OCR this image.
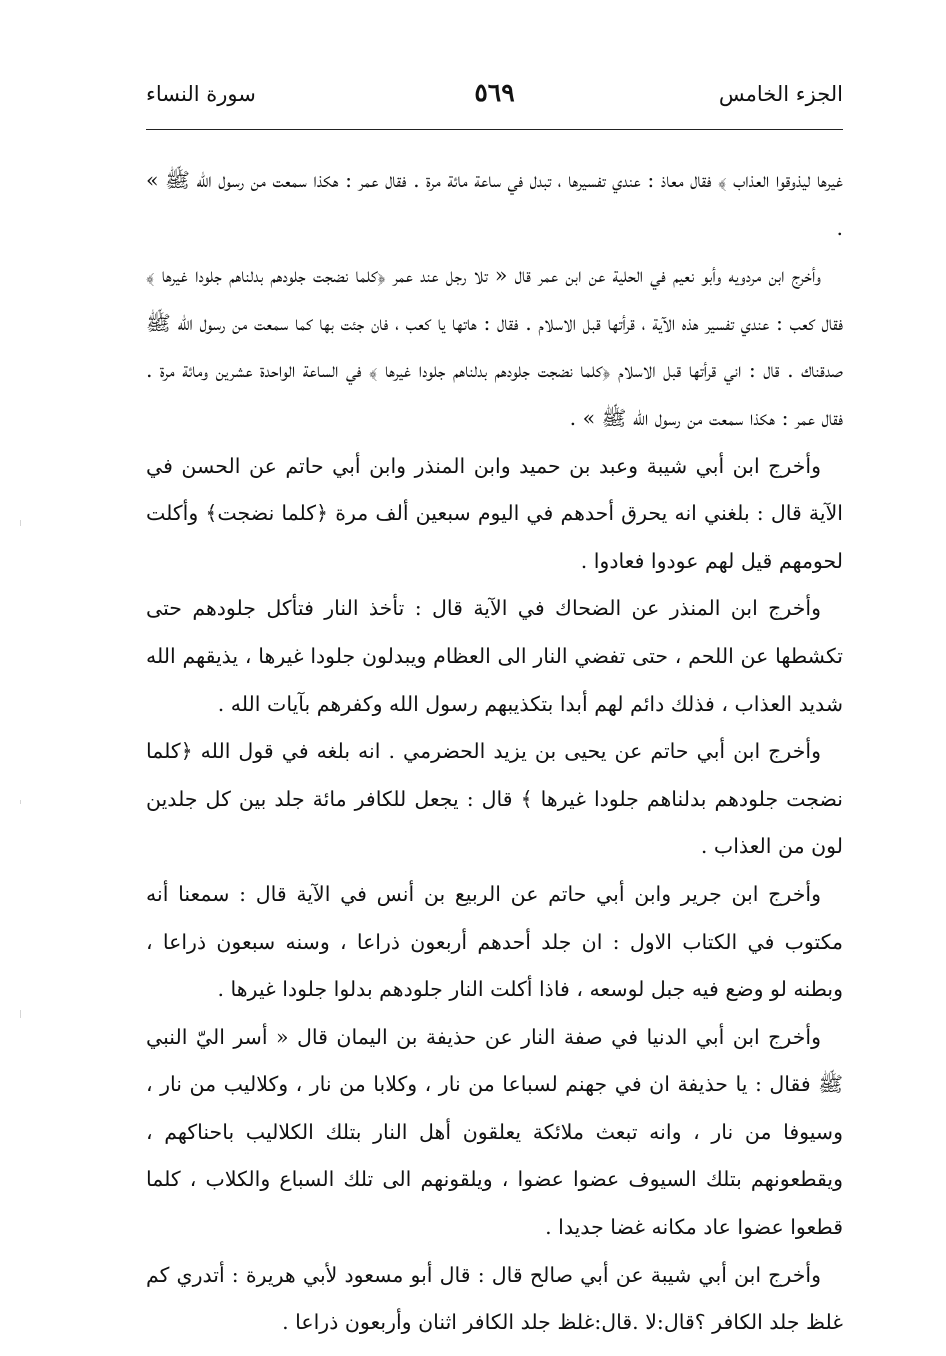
الجزء الخامس
٥٦٩
سورة النساء

غيرها ليذوقوا العذاب ﴾ فقال معاذ : عندي تفسيرها ، تبدل في ساعة مائة مرة . فقال عمر : هكذا سمعت من رسول الله ﷺ » .

وأخرج ابن مردويه وأبو نعيم في الحلية عن ابن عمر قال « تلا رجل عند عمر ﴿كلما نضجت جلودهم بدلناهم جلودا غيرها ﴾ فقال كعب : عندي تفسير هذه الآية ، قرأتها قبل الاسلام . فقال : هاتها يا كعب ، فان جئت بها كما سمعت من رسول الله ﷺ صدقناك . قال : اني قرأتها قبل الاسلام ﴿كلما نضجت جلودهم بدلناهم جلودا غيرها ﴾ في الساعة الواحدة عشرين ومائة مرة . فقال عمر : هكذا سمعت من رسول الله ﷺ » .

وأخرج ابن أبي شيبة وعبد بن حميد وابن المنذر وابن أبي حاتم عن الحسن في الآية قال : بلغني انه يحرق أحدهم في اليوم سبعين ألف مرة ﴿كلما نضجت﴾ وأكلت لحومهم قيل لهم عودوا فعادوا .

وأخرج ابن المنذر عن الضحاك في الآية قال : تأخذ النار فتأكل جلودهم حتى تكشطها عن اللحم ، حتى تفضي النار الى العظام ويبدلون جلودا غيرها ، يذيقهم الله شديد العذاب ، فذلك دائم لهم أبدا بتكذيبهم رسول الله وكفرهم بآيات الله .

وأخرج ابن أبي حاتم عن يحيى بن يزيد الحضرمي . انه بلغه في قول الله ﴿كلما نضجت جلودهم بدلناهم جلودا غيرها ﴾ قال : يجعل للكافر مائة جلد بين كل جلدين لون من العذاب .

وأخرج ابن جرير وابن أبي حاتم عن الربيع بن أنس في الآية قال : سمعنا أنه مكتوب في الكتاب الاول : ان جلد أحدهم أربعون ذراعا ، وسنه سبعون ذراعا ، وبطنه لو وضع فيه جبل لوسعه ، فاذا أكلت النار جلودهم بدلوا جلودا غيرها .

وأخرج ابن أبي الدنيا في صفة النار عن حذيفة بن اليمان قال « أسر اليّ النبي ﷺ فقال : يا حذيفة ان في جهنم لسباعا من نار ، وكلابا من نار ، وكلاليب من نار ، وسيوفا من نار ، وانه تبعث ملائكة يعلقون أهل النار بتلك الكلاليب باحناكهم ، ويقطعونهم بتلك السيوف عضوا عضوا ، ويلقونهم الى تلك السباع والكلاب ، كلما قطعوا عضوا عاد مكانه غضا جديدا .

وأخرج ابن أبي شيبة عن أبي صالح قال : قال أبو مسعود لأبي هريرة : أتدري كم غلظ جلد الكافر ؟قال:لا .قال:غلظ جلد الكافر اثنان وأربعون ذراعا .
